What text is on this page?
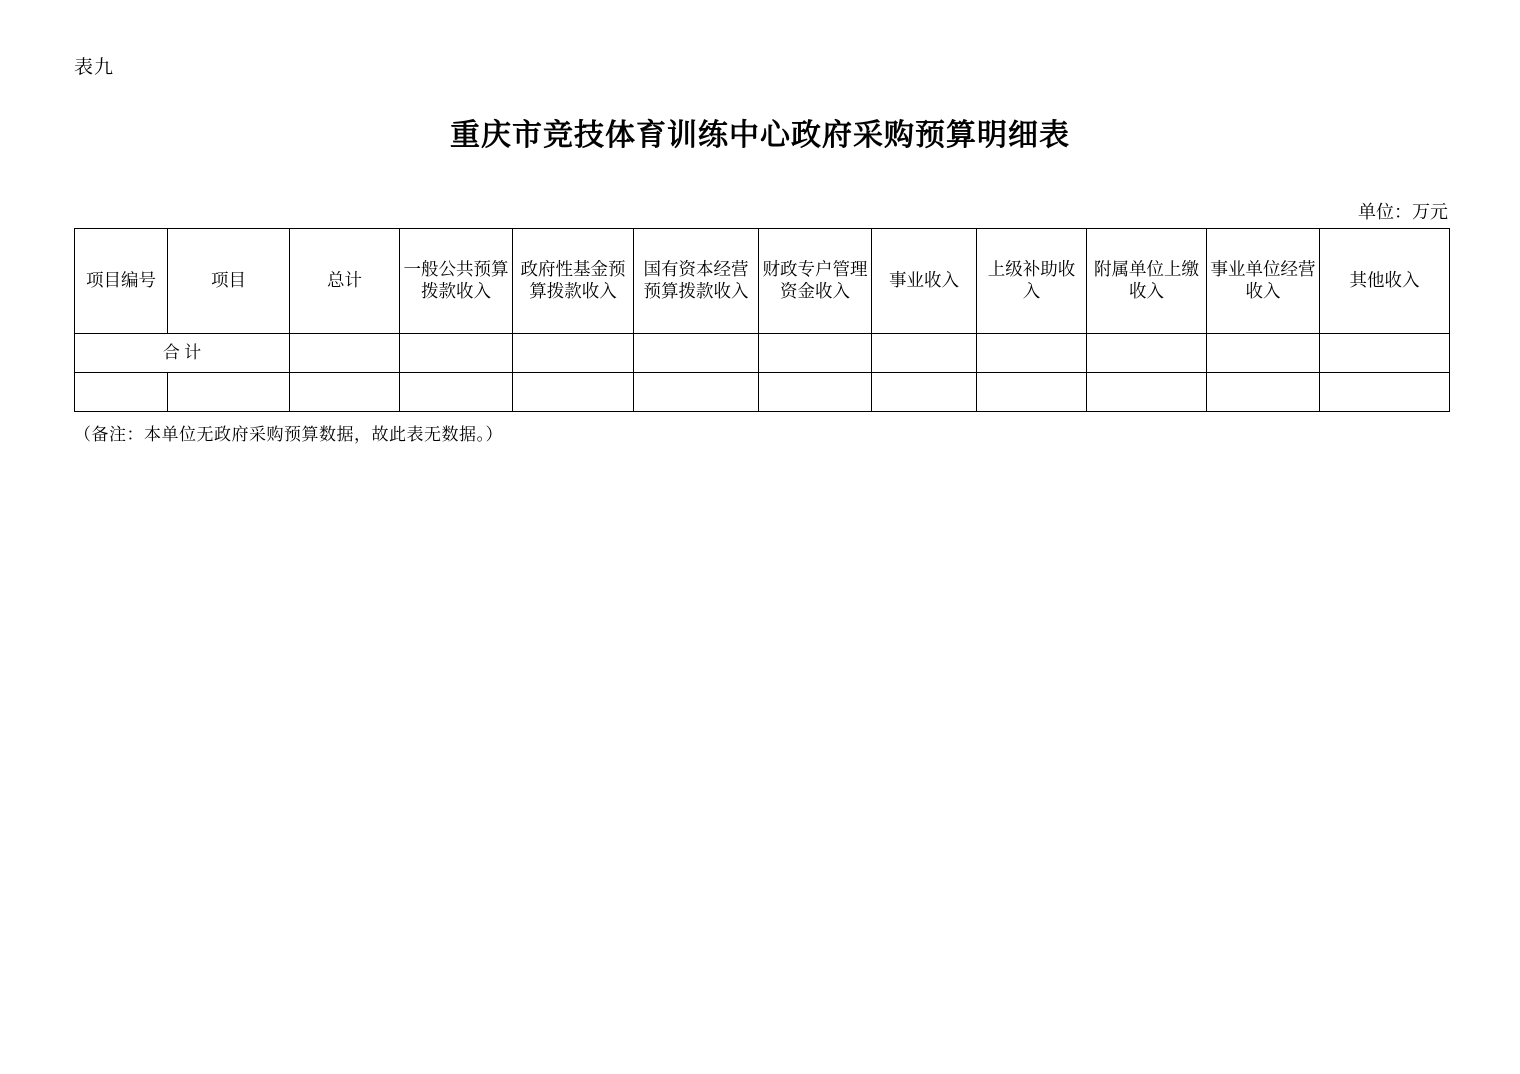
表九
重庆市竞技体育训练中心政府采购预算明细表
单位：万元
项目编号	项目	总计	一般公共预算拨款收入	政府性基金预算拨款收入	国有资本经营预算拨款收入	财政专户管理资金收入	事业收入	上级补助收入	附属单位上缴收入	事业单位经营收入	其他收入
合 计											

（备注：本单位无政府采购预算数据，故此表无数据。）
